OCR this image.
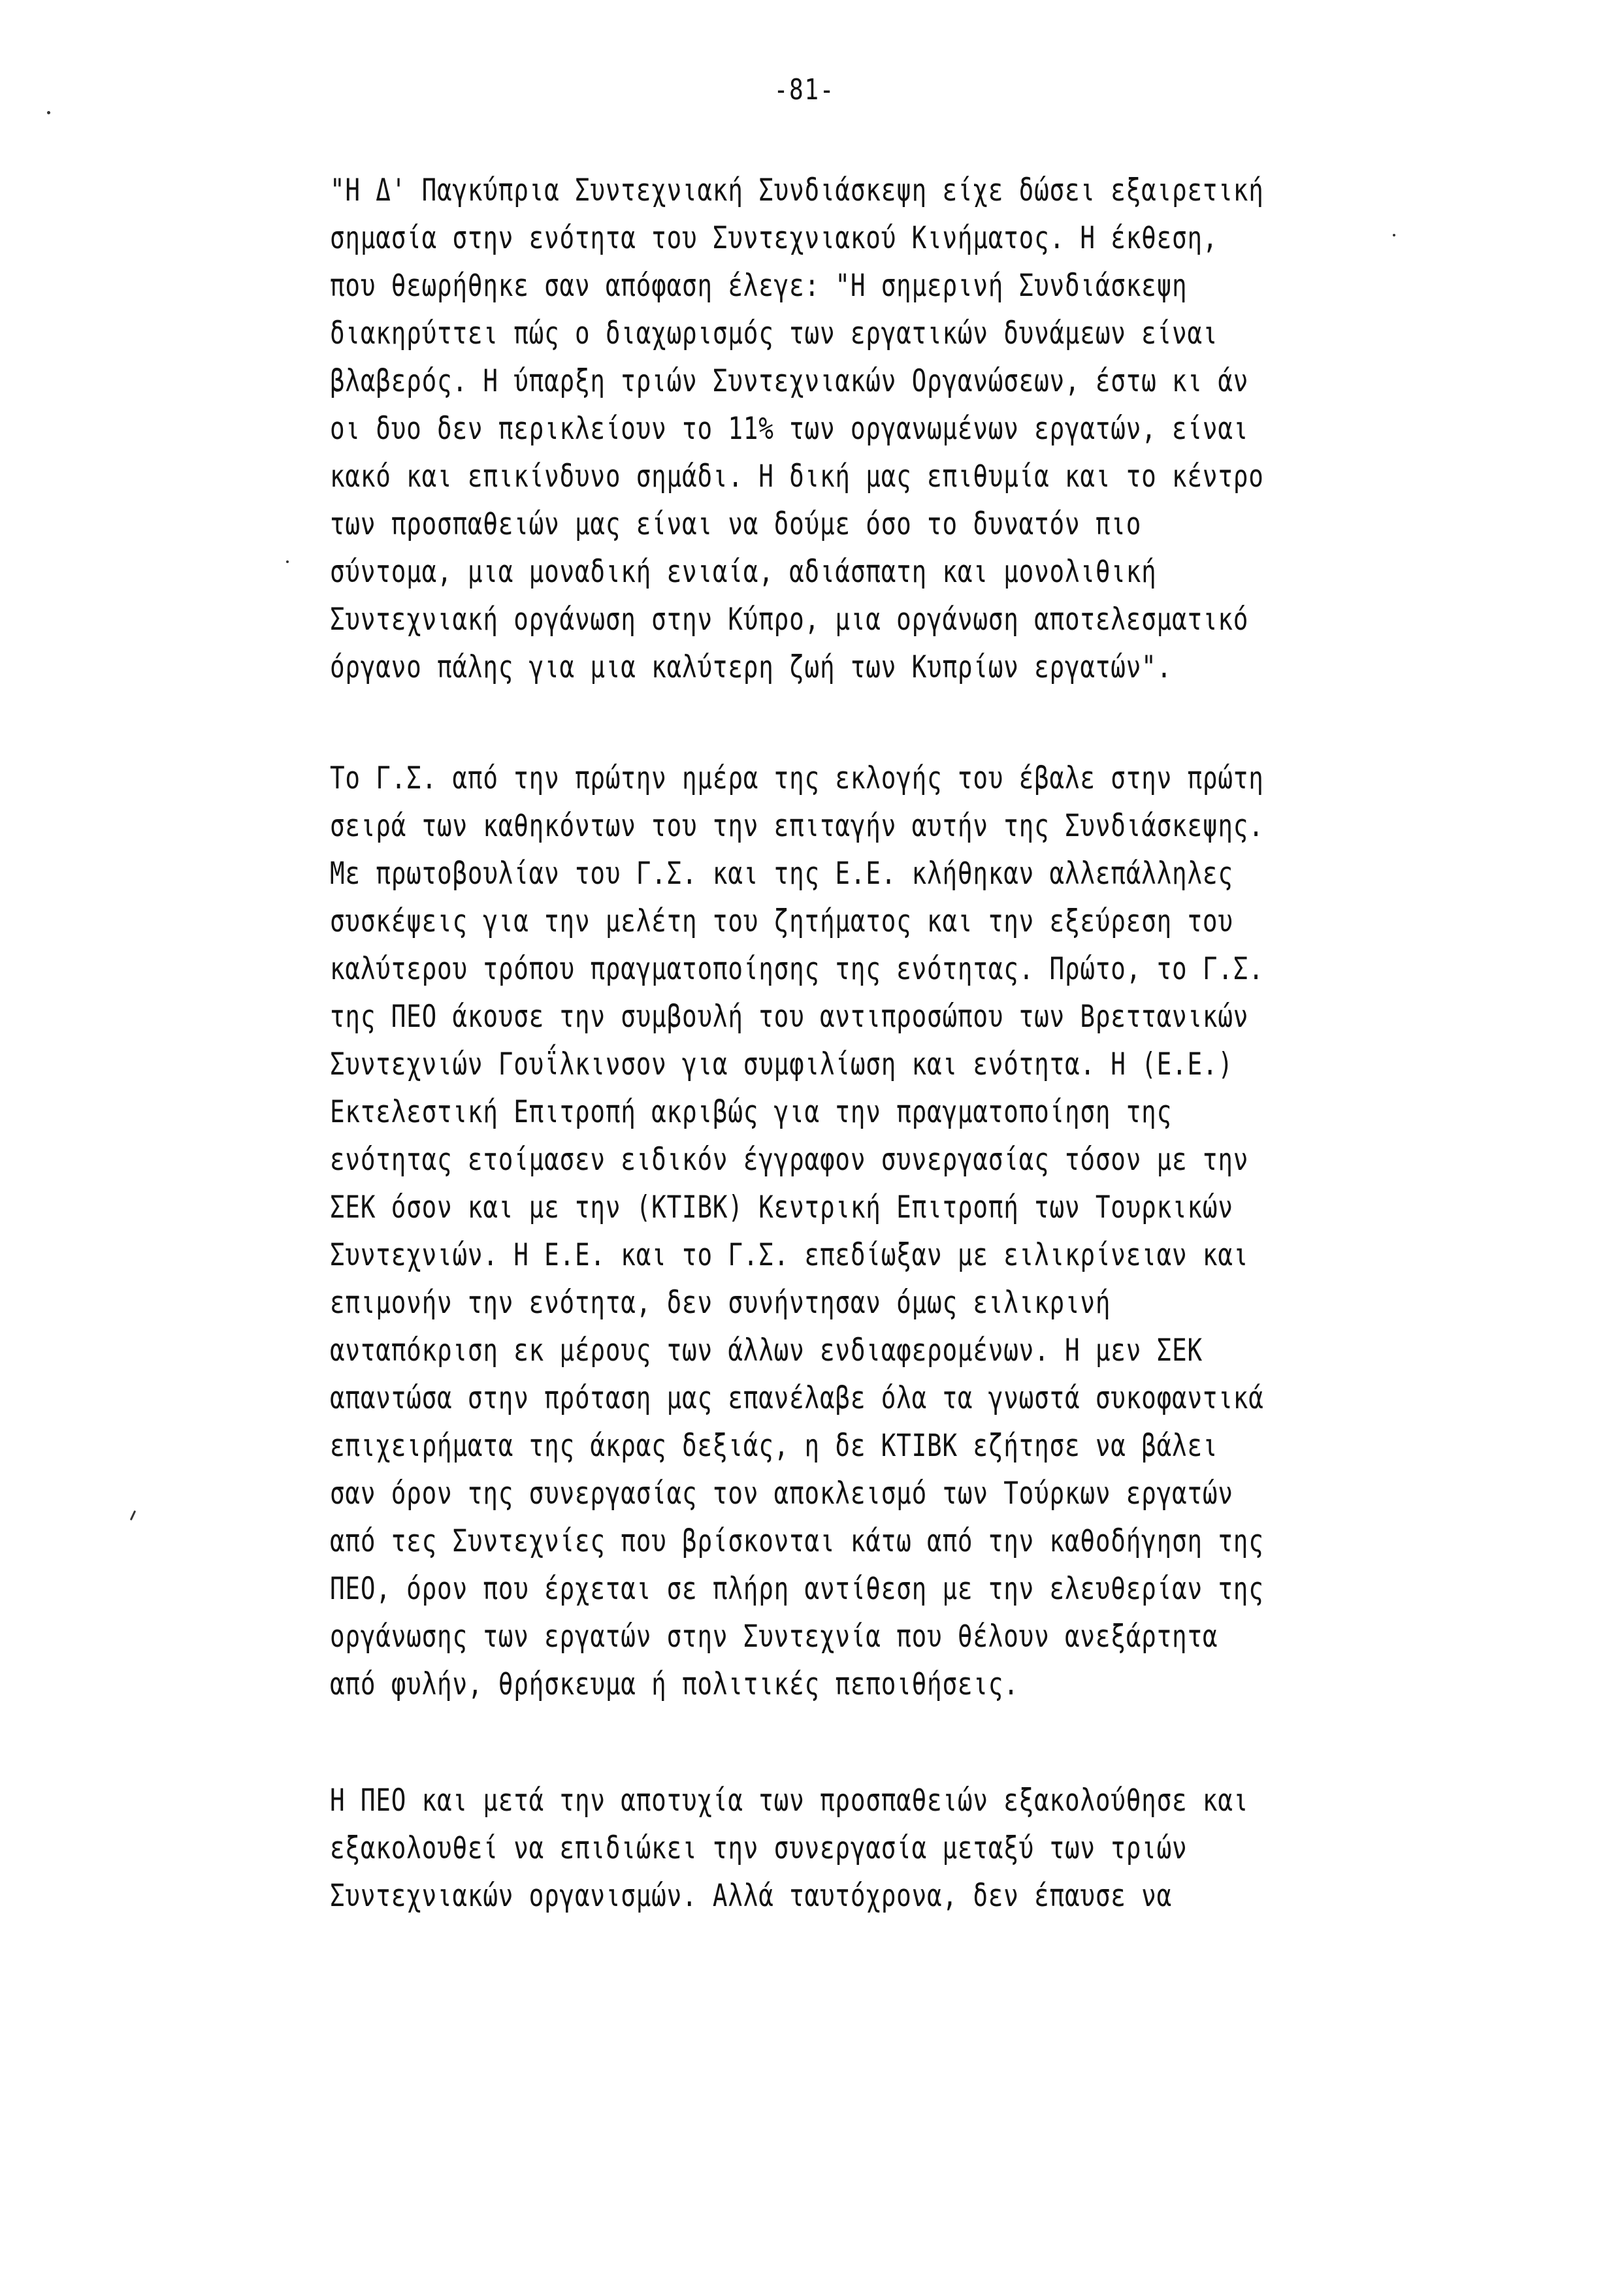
-81-
"Η Δ' Παγκύπρια Συντεχνιακή Συνδιάσκεψη είχε δώσει εξαιρετική
σημασία στην ενότητα του Συντεχνιακού Κινήματος. Η έκθεση,
που θεωρήθηκε σαν απόφαση έλεγε: "Η σημερινή Συνδιάσκεψη
διακηρύττει πώς ο διαχωρισμός των εργατικών δυνάμεων είναι
βλαβερός. Η ύπαρξη τριών Συντεχνιακών Οργανώσεων, έστω κι άν
οι δυο δεν περικλείουν το 11% των οργανωμένων εργατών, είναι
κακό και επικίνδυνο σημάδι. Η δική μας επιθυμία και το κέντρο
των προσπαθειών μας είναι να δούμε όσο το δυνατόν πιο
σύντομα, μια μοναδική ενιαία, αδιάσπατη και μονολιθική
Συντεχνιακή οργάνωση στην Κύπρο, μια οργάνωση αποτελεσματικό
όργανο πάλης για μια καλύτερη ζωή των Κυπρίων εργατών".
Το Γ.Σ. από την πρώτην ημέρα της εκλογής του έβαλε στην πρώτη
σειρά των καθηκόντων του την επιταγήν αυτήν της Συνδιάσκεψης.
Με πρωτοβουλίαν του Γ.Σ. και της Ε.Ε. κλήθηκαν αλλεπάλληλες
συσκέψεις για την μελέτη του ζητήματος και την εξεύρεση του
καλύτερου τρόπου πραγματοποίησης της ενότητας. Πρώτο, το Γ.Σ.
της ΠΕΟ άκουσε την συμβουλή του αντιπροσώπου των Βρεττανικών
Συντεχνιών Γουΐλκινσον για συμφιλίωση και ενότητα. Η (Ε.Ε.)
Εκτελεστική Επιτροπή ακριβώς για την πραγματοποίηση της
ενότητας ετοίμασεν ειδικόν έγγραφον συνεργασίας τόσον με την
ΣΕΚ όσον και με την (ΚΤΙΒΚ) Κεντρική Επιτροπή των Τουρκικών
Συντεχνιών. Η Ε.Ε. και το Γ.Σ. επεδίωξαν με ειλικρίνειαν και
επιμονήν την ενότητα, δεν συνήντησαν όμως ειλικρινή
ανταπόκριση εκ μέρους των άλλων ενδιαφερομένων. Η μεν ΣΕΚ
απαντώσα στην πρόταση μας επανέλαβε όλα τα γνωστά συκοφαντικά
επιχειρήματα της άκρας δεξιάς, η δε ΚΤΙΒΚ εζήτησε να βάλει
σαν όρον της συνεργασίας τον αποκλεισμό των Τούρκων εργατών
από τες Συντεχνίες που βρίσκονται κάτω από την καθοδήγηση της
ΠΕΟ, όρον που έρχεται σε πλήρη αντίθεση με την ελευθερίαν της
οργάνωσης των εργατών στην Συντεχνία που θέλουν ανεξάρτητα
από φυλήν, θρήσκευμα ή πολιτικές πεποιθήσεις.
Η ΠΕΟ και μετά την αποτυχία των προσπαθειών εξακολούθησε και
εξακολουθεί να επιδιώκει την συνεργασία μεταξύ των τριών
Συντεχνιακών οργανισμών. Αλλά ταυτόχρονα, δεν έπαυσε να
